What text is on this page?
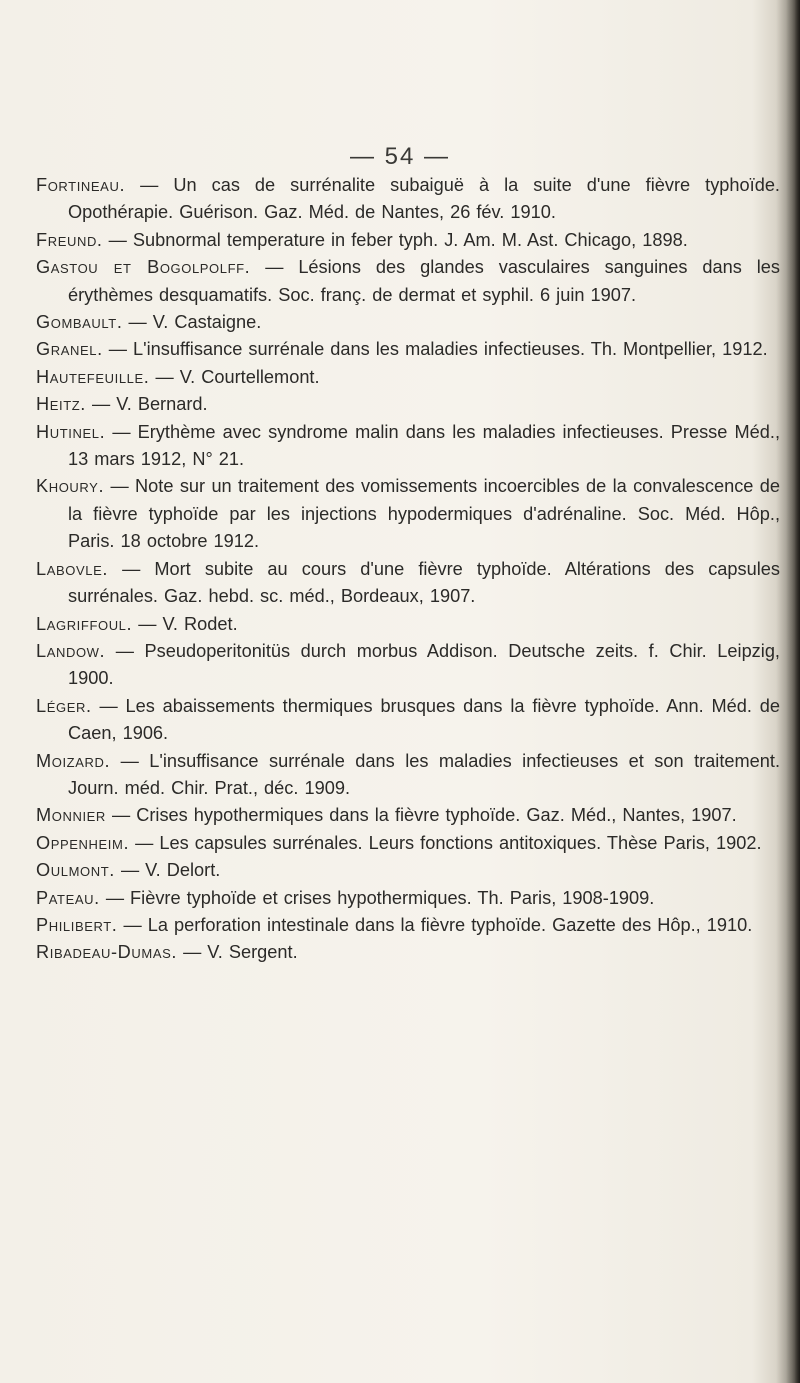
— 54 —
Fortineau. — Un cas de surrénalite subaiguë à la suite d'une fièvre typhoïde. Opothérapie. Guérison. Gaz. Méd. de Nantes, 26 fév. 1910.
Freund. — Subnormal temperature in feber typh. J. Am. M. Ast. Chicago, 1898.
Gastou et Bogolpolff. — Lésions des glandes vasculaires sanguines dans les érythèmes desquamatifs. Soc. franç. de dermat et syphil. 6 juin 1907.
Gombault. — V. Castaigne.
Granel. — L'insuffisance surrénale dans les maladies infectieuses. Th. Montpellier, 1912.
Hautefeuille. — V. Courtellemont.
Heitz. — V. Bernard.
Hutinel. — Erythème avec syndrome malin dans les maladies infectieuses. Presse Méd., 13 mars 1912, N° 21.
Khoury. — Note sur un traitement des vomissements incoercibles de la convalescence de la fièvre typhoïde par les injections hypodermiques d'adrénaline. Soc. Méd. Hôp., Paris. 18 octobre 1912.
Labovle. — Mort subite au cours d'une fièvre typhoïde. Altérations des capsules surrénales. Gaz. hebd. sc. méd., Bordeaux, 1907.
Lagriffoul. — V. Rodet.
Landow. — Pseudoperitonitüs durch morbus Addison. Deutsche zeits. f. Chir. Leipzig, 1900.
Léger. — Les abaissements thermiques brusques dans la fièvre typhoïde. Ann. Méd. de Caen, 1906.
Moizard. — L'insuffisance surrénale dans les maladies infectieuses et son traitement. Journ. méd. Chir. Prat., déc. 1909.
Monnier — Crises hypothermiques dans la fièvre typhoïde. Gaz. Méd., Nantes, 1907.
Oppenheim. — Les capsules surrénales. Leurs fonctions antitoxiques. Thèse Paris, 1902.
Oulmont. — V. Delort.
Pateau. — Fièvre typhoïde et crises hypothermiques. Th. Paris, 1908-1909.
Philibert. — La perforation intestinale dans la fièvre typhoïde. Gazette des Hôp., 1910.
Ribadeau-Dumas. — V. Sergent.
